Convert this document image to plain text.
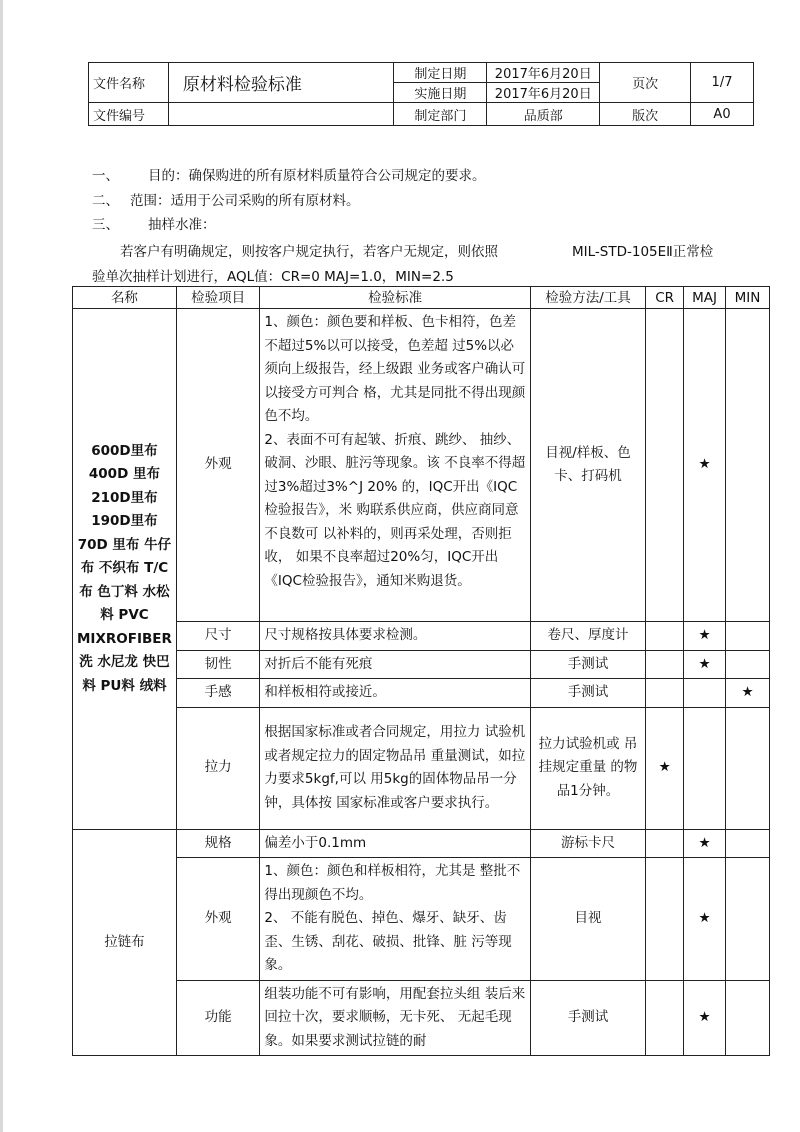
文件名称	原材料检验标准	制定日期	2017年6月20日	页次	1/7
		实施日期	2017年6月20日		
文件编号		制定部门	品质部	版次	A0
一、 目的：确保购进的所有原材料质量符合公司规定的要求。
二、 范围：适用于公司采购的所有原材料。
三、 抽样水准：
若客户有明确规定，则按客户规定执行，若客户无规定，则依照	MIL-STD-105EⅡ正常检
验单次抽样计划进行，AQL值：CR=0 MAJ=1.0，MIN=2.5
名称	检验项目	检验标准	检验方法/工具	CR	MAJ	MIN
600D里布 400D 里布 210D里布 190D里布 70D 里布 牛仔布 不织布 T/C布 色丁料 水松料 PVC MIXROFIBER 洗 水尼龙 快巴料 PU料 绒料	外观	1、颜色：颜色要和样板、色卡相符，色差不超过5%以可以接受，色差超 过5%以必须向上级报告，经上级跟 业务或客户确认可以接受方可判合 格，尤其是同批不得出现颜色不均。
2、表面不可有起皱、折痕、跳纱、 抽纱、破洞、沙眼、脏污等现象。该 不良率不得超过3%超过3%^J 20% 的，IQC开出《IQC检验报告》，米 购联系供应商，供应商同意不良数可 以补料的，则再采处理，否则拒收， 如果不良率超过20%匀，IQC开出
《IQC检验报告》，通知米购退货。	目视/样板、色卡、打码机		★	
	尺寸	尺寸规格按具体要求检测。	卷尺、厚度计		★	
	韧性	对折后不能有死痕	手测试		★	
	手感	和样板相符或接近。	手测试			★
	拉力	根据国家标准或者合同规定，用拉力 试验机或者规定拉力的固定物品吊 重量测试，如拉力要求5kgf,可以 用5kg的固体物品吊一分钟，具体按 国家标准或客户要求执行。	拉力试验机或 吊挂规定重量 的物品1分钟。	★		
拉链布	规格	偏差小于0.1mm	游标卡尺		★	
	外观	1、颜色：颜色和样板相符，尤其是 整批不得出现颜色不均。
2、 不能有脱色、掉色、爆牙、缺牙、齿歪、生锈、刮花、破损、批锋、脏 污等现象。	目视		★	
	功能	组装功能不可有影响，用配套拉头组 装后来回拉十次，要求顺畅，无卡死、 无起毛现象。如果要求测试拉链的耐	手测试		★	
